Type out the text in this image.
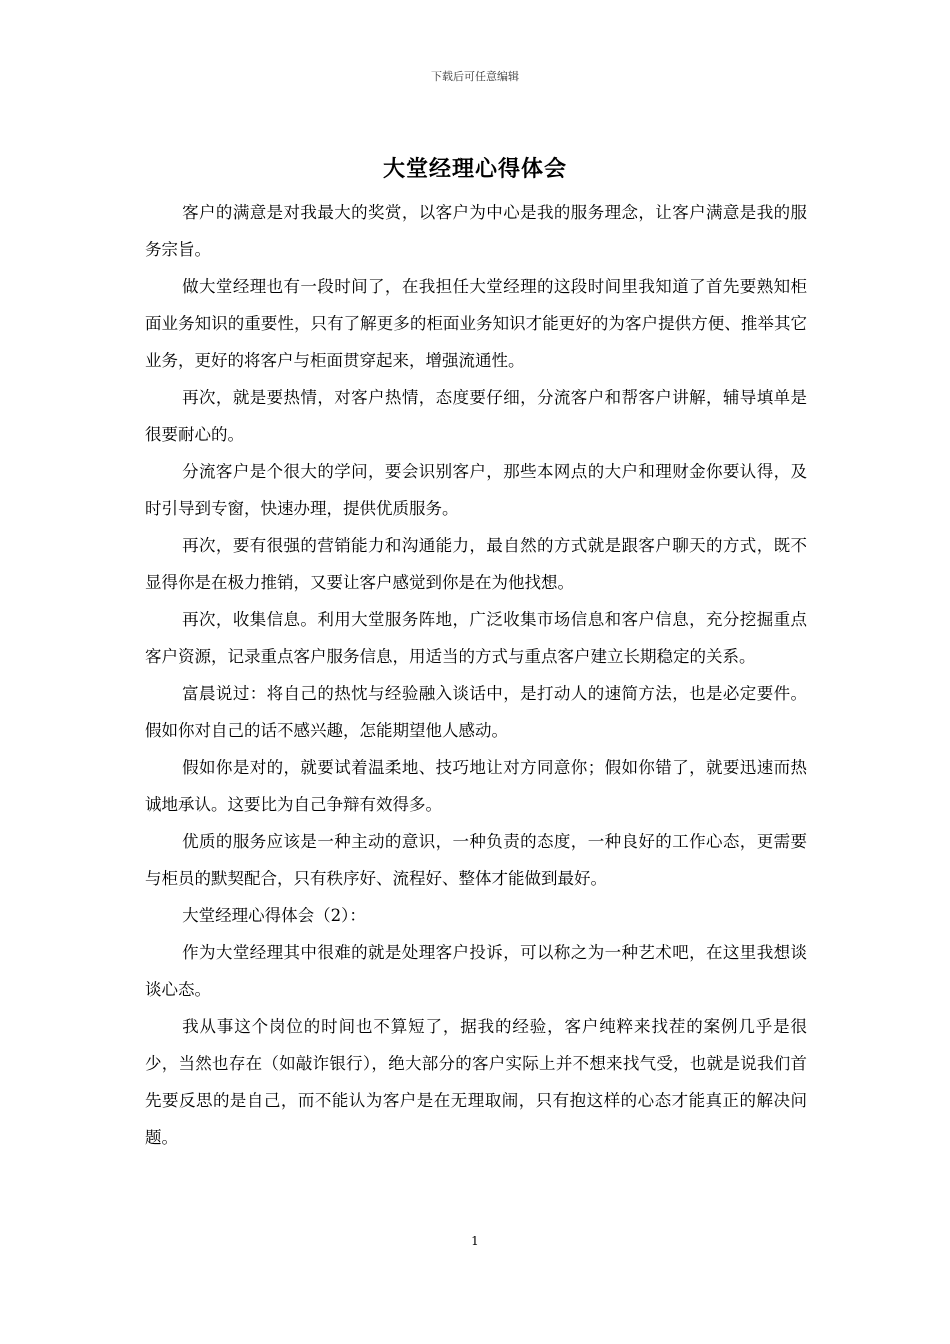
下载后可任意编辑
大堂经理心得体会

客户的满意是对我最大的奖赏，以客户为中心是我的服务理念，让客户满意是我的服务宗旨。

做大堂经理也有一段时间了，在我担任大堂经理的这段时间里我知道了首先要熟知柜面业务知识的重要性，只有了解更多的柜面业务知识才能更好的为客户提供方便、推举其它业务，更好的将客户与柜面贯穿起来，增强流通性。

再次，就是要热情，对客户热情，态度要仔细，分流客户和帮客户讲解，辅导填单是很要耐心的。

分流客户是个很大的学问，要会识别客户，那些本网点的大户和理财金你要认得，及时引导到专窗，快速办理，提供优质服务。

再次，要有很强的营销能力和沟通能力，最自然的方式就是跟客户聊天的方式，既不显得你是在极力推销，又要让客户感觉到你是在为他找想。

再次，收集信息。利用大堂服务阵地，广泛收集市场信息和客户信息，充分挖掘重点客户资源，记录重点客户服务信息，用适当的方式与重点客户建立长期稳定的关系。

富晨说过：将自己的热忱与经验融入谈话中，是打动人的速简方法，也是必定要件。假如你对自己的话不感兴趣，怎能期望他人感动。

假如你是对的，就要试着温柔地、技巧地让对方同意你；假如你错了，就要迅速而热诚地承认。这要比为自己争辩有效得多。

优质的服务应该是一种主动的意识，一种负责的态度，一种良好的工作心态，更需要与柜员的默契配合，只有秩序好、流程好、整体才能做到最好。

大堂经理心得体会（2）：

作为大堂经理其中很难的就是处理客户投诉，可以称之为一种艺术吧，在这里我想谈谈心态。

我从事这个岗位的时间也不算短了，据我的经验，客户纯粹来找茬的案例几乎是很少，当然也存在（如敲诈银行），绝大部分的客户实际上并不想来找气受，也就是说我们首先要反思的是自己，而不能认为客户是在无理取闹，只有抱这样的心态才能真正的解决问题。

1
